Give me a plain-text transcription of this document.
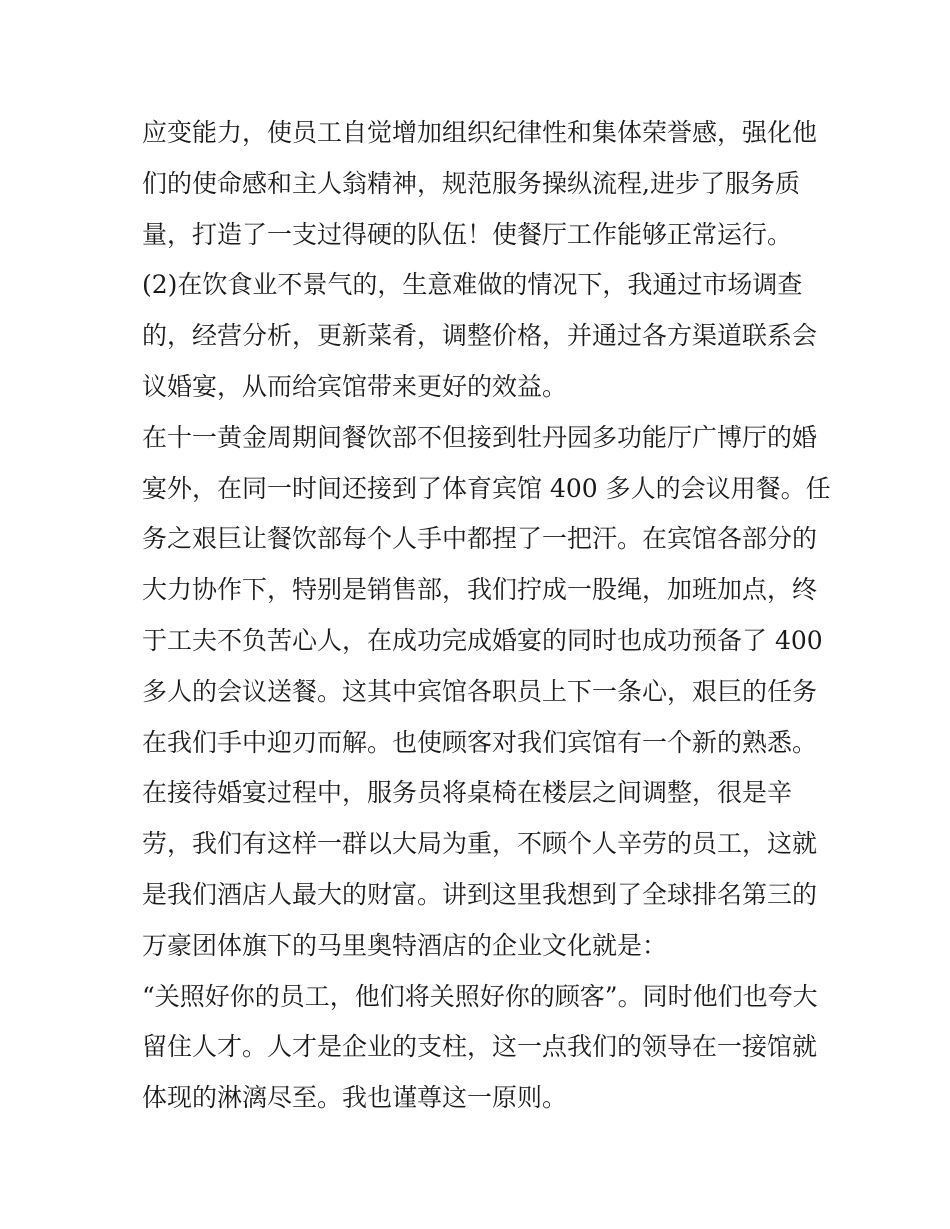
应变能力，使员工自觉增加组织纪律性和集体荣誉感，强化他
们的使命感和主人翁精神，规范服务操纵流程,进步了服务质
量，打造了一支过得硬的队伍！使餐厅工作能够正常运行。
(2)在饮食业不景气的，生意难做的情况下，我通过市场调查
的，经营分析，更新菜肴，调整价格，并通过各方渠道联系会
议婚宴，从而给宾馆带来更好的效益。
在十一黄金周期间餐饮部不但接到牡丹园多功能厅广博厅的婚
宴外，在同一时间还接到了体育宾馆 400 多人的会议用餐。任
务之艰巨让餐饮部每个人手中都捏了一把汗。在宾馆各部分的
大力协作下，特别是销售部，我们拧成一股绳，加班加点，终
于工夫不负苦心人，在成功完成婚宴的同时也成功预备了 400
多人的会议送餐。这其中宾馆各职员上下一条心，艰巨的任务
在我们手中迎刃而解。也使顾客对我们宾馆有一个新的熟悉。
在接待婚宴过程中，服务员将桌椅在楼层之间调整，很是辛
劳，我们有这样一群以大局为重，不顾个人辛劳的员工，这就
是我们酒店人最大的财富。讲到这里我想到了全球排名第三的
万豪团体旗下的马里奥特酒店的企业文化就是：
“关照好你的员工，他们将关照好你的顾客”。同时他们也夸大
留住人才。人才是企业的支柱，这一点我们的领导在一接馆就
体现的淋漓尽至。我也谨尊这一原则。
